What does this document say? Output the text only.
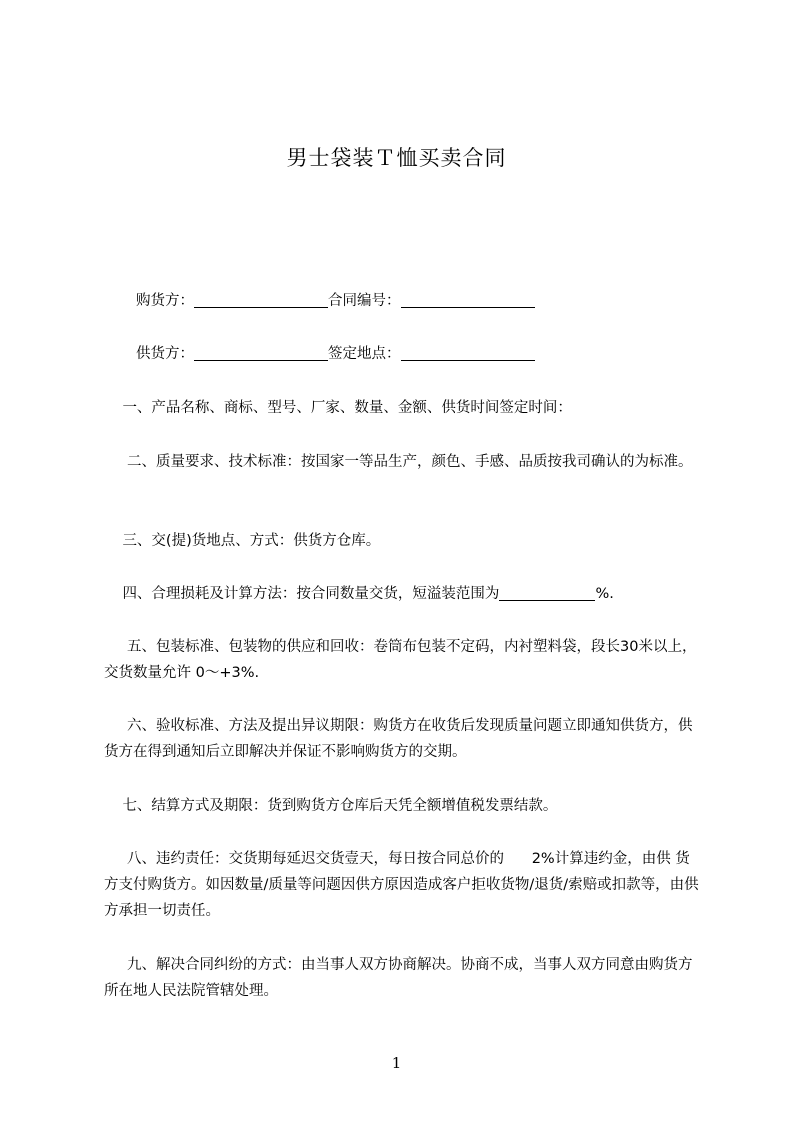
男士袋装Ｔ恤买卖合同
购货方：	合同编号：
供货方：	签定地点：
一、产品名称、商标、型号、厂家、数量、金额、供货时间签定时间：
二、质量要求、技术标准：按国家一等品生产，颜色、手感、品质按我司确认的为标准。
三、交(提)货地点、方式：供货方仓库。
四、合理损耗及计算方法：按合同数量交货，短溢装范围为	%.
五、包装标准、包装物的供应和回收：卷筒布包装不定码，内衬塑料袋，段长30米以上，交货数量允许 0～+3%.
六、验收标准、方法及提出异议期限：购货方在收货后发现质量问题立即通知供货方，供货方在得到通知后立即解决并保证不影响购货方的交期。
七、结算方式及期限：货到购货方仓库后天凭全额增值税发票结款。
八、违约责任：交货期每延迟交货壹天，每日按合同总价的      2%计算违约金，由供 货方支付购货方。如因数量/质量等问题因供方原因造成客户拒收货物/退货/索赔或扣款等，由供方承担一切责任。
九、解决合同纠纷的方式：由当事人双方协商解决。协商不成，当事人双方同意由购货方所在地人民法院管辖处理。
1
